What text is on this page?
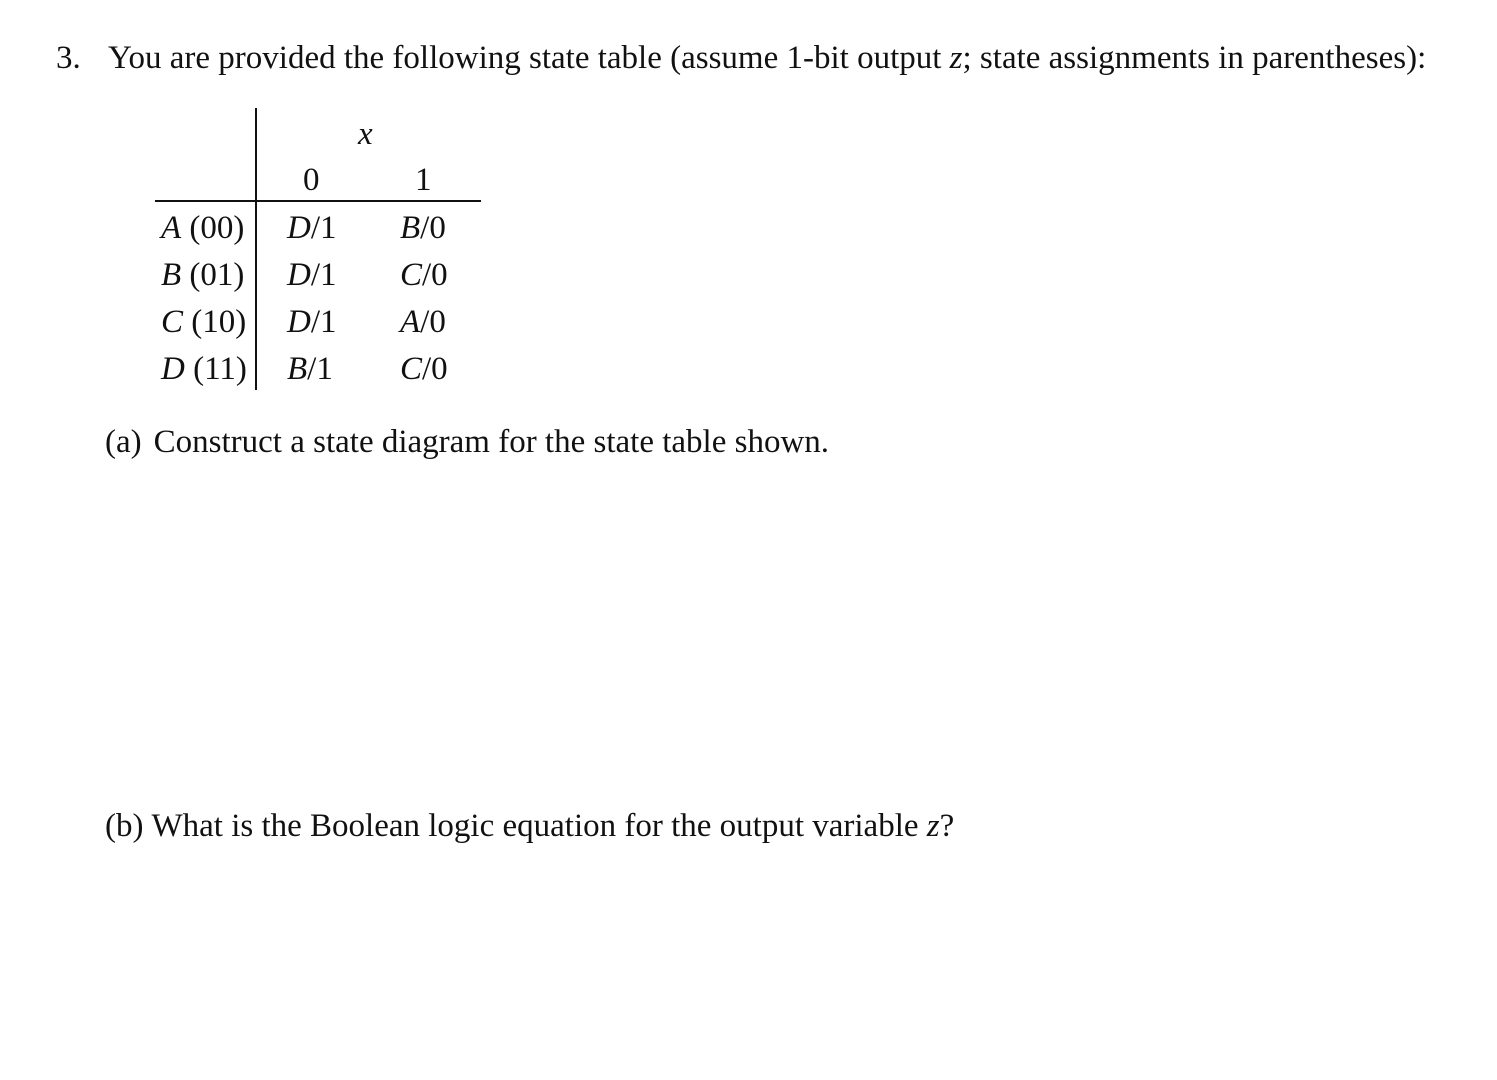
3. You are provided the following state table (assume 1-bit output z; state assignments in parentheses):
x
0	1
A (00) D/1 B/0
B (01) D/1 C/0
C (10) D/1 A/0
D (11) B/1 C/0
(a) Construct a state diagram for the state table shown.
(b) What is the Boolean logic equation for the output variable z?
